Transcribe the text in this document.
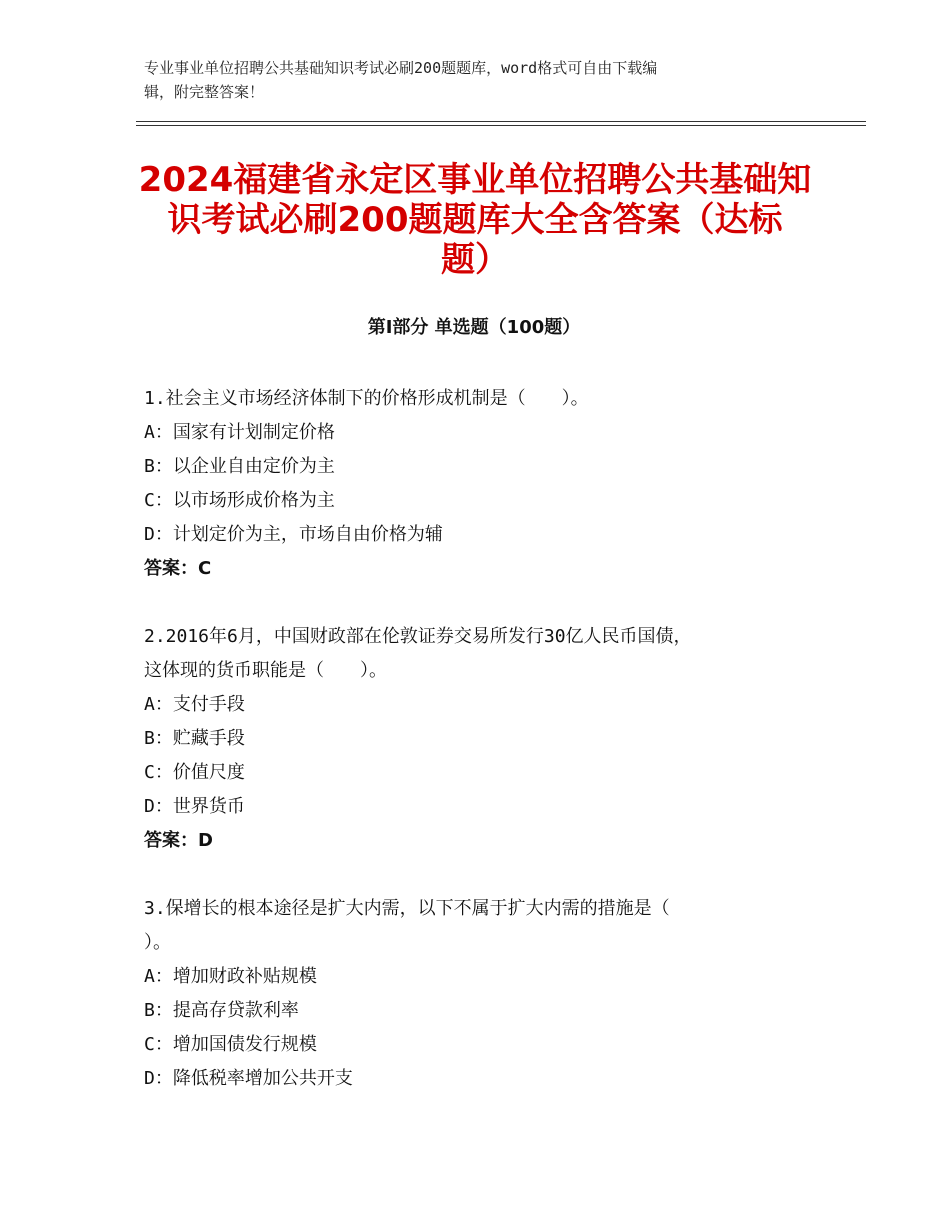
专业事业单位招聘公共基础知识考试必刷200题题库，word格式可自由下载编
辑，附完整答案！
2024福建省永定区事业单位招聘公共基础知
识考试必刷200题题库大全含答案（达标
题）
第Ⅰ部分 单选题（100题）
1.社会主义市场经济体制下的价格形成机制是（　　）。
A：国家有计划制定价格
B：以企业自由定价为主
C：以市场形成价格为主
D：计划定价为主，市场自由价格为辅
答案：C
2.2016年6月，中国财政部在伦敦证券交易所发行30亿人民币国债，
这体现的货币职能是（　　）。
A：支付手段
B：贮藏手段
C：价值尺度
D：世界货币
答案：D
3.保增长的根本途径是扩大内需，以下不属于扩大内需的措施是（
）。
A：增加财政补贴规模
B：提高存贷款利率
C：增加国债发行规模
D：降低税率增加公共开支
